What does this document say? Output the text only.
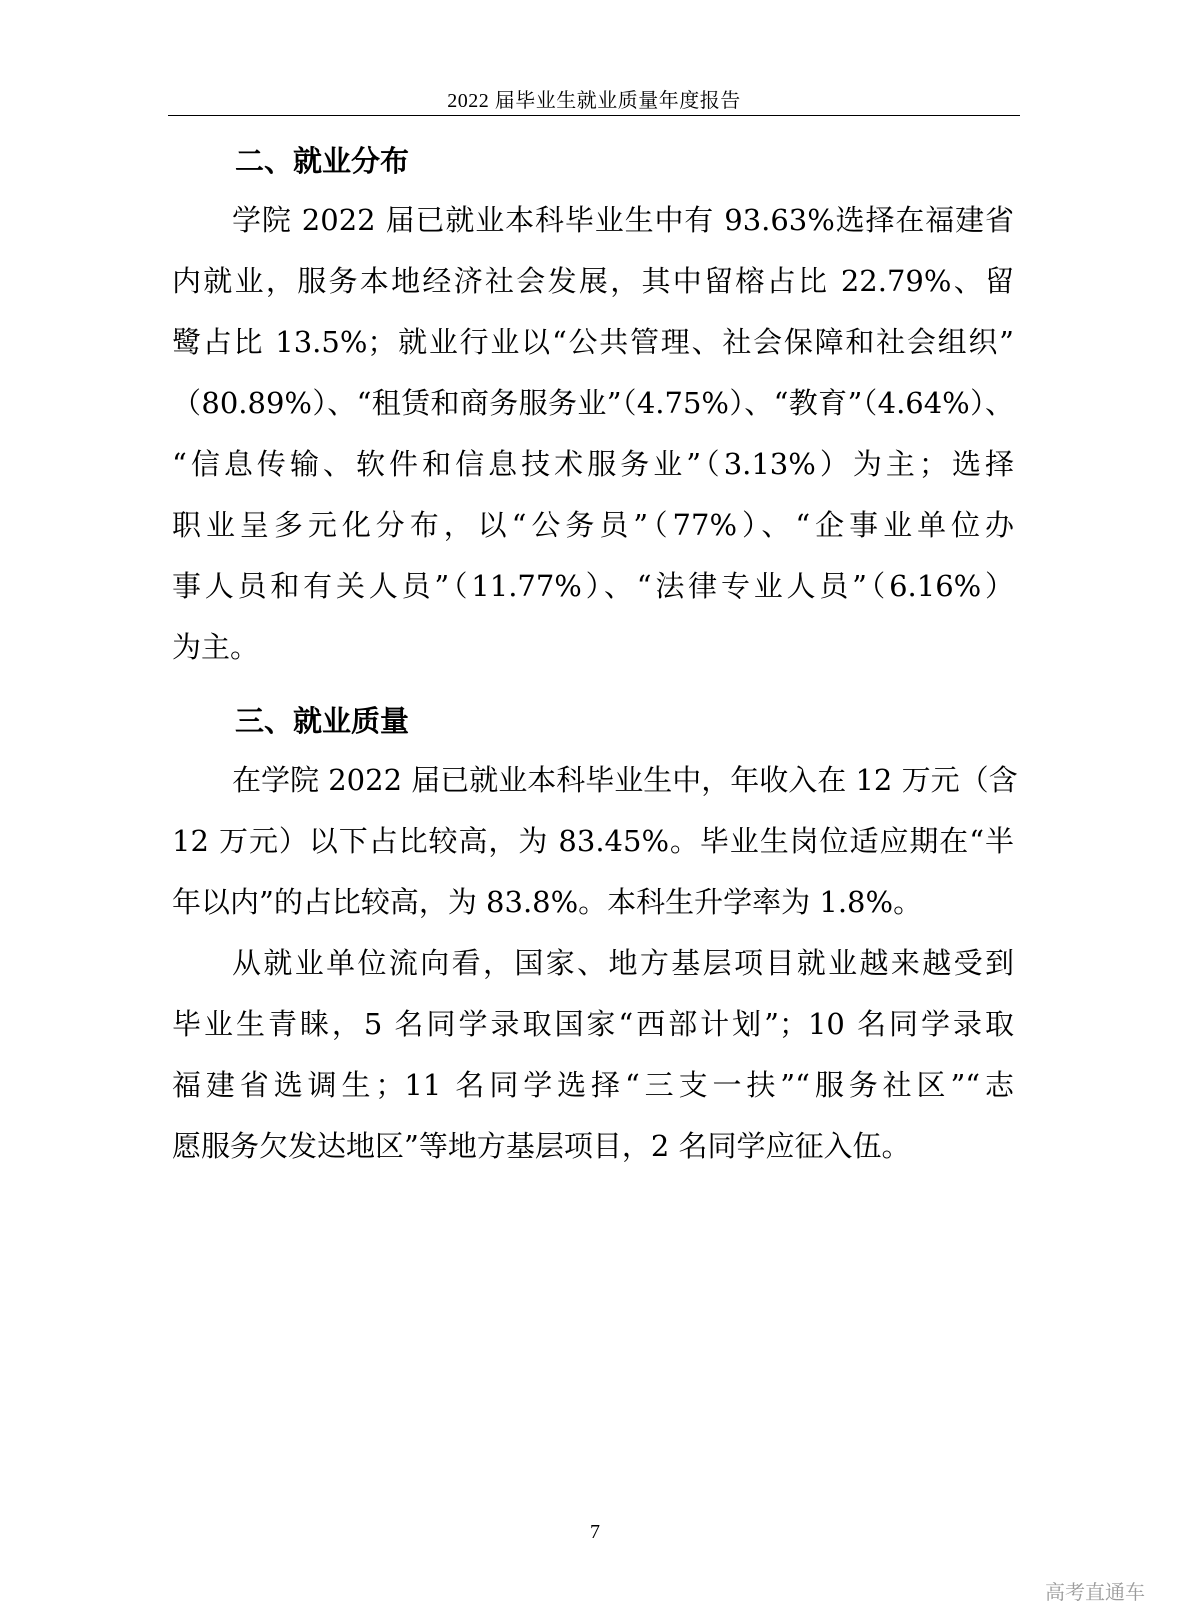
2022 届毕业生就业质量年度报告
二、就业分布

学院 2022 届已就业本科毕业生中有 93.63%选择在福建省

内就业，服务本地经济社会发展，其中留榕占比 22.79%、留

鹭占比 13.5%；就业行业以“公共管理、社会保障和社会组织”

（80.89%）、“租赁和商务服务业”（4.75%）、“教育”（4.64%）、

“信息传输、软件和信息技术服务业”（3.13%）为主；选择

职业呈多元化分布，以“公务员”（77%）、“企事业单位办

事人员和有关人员”（11.77%）、“法律专业人员”（6.16%）

为主。

三、就业质量

在学院 2022 届已就业本科毕业生中，年收入在 12 万元（含

12 万元）以下占比较高，为 83.45%。毕业生岗位适应期在“半

年以内”的占比较高，为 83.8%。本科生升学率为 1.8%。

从就业单位流向看，国家、地方基层项目就业越来越受到

毕业生青睐，5 名同学录取国家“西部计划”；10 名同学录取

福建省选调生；11 名同学选择“三支一扶”“服务社区”“志

愿服务欠发达地区”等地方基层项目，2 名同学应征入伍。

7
高考直通车
